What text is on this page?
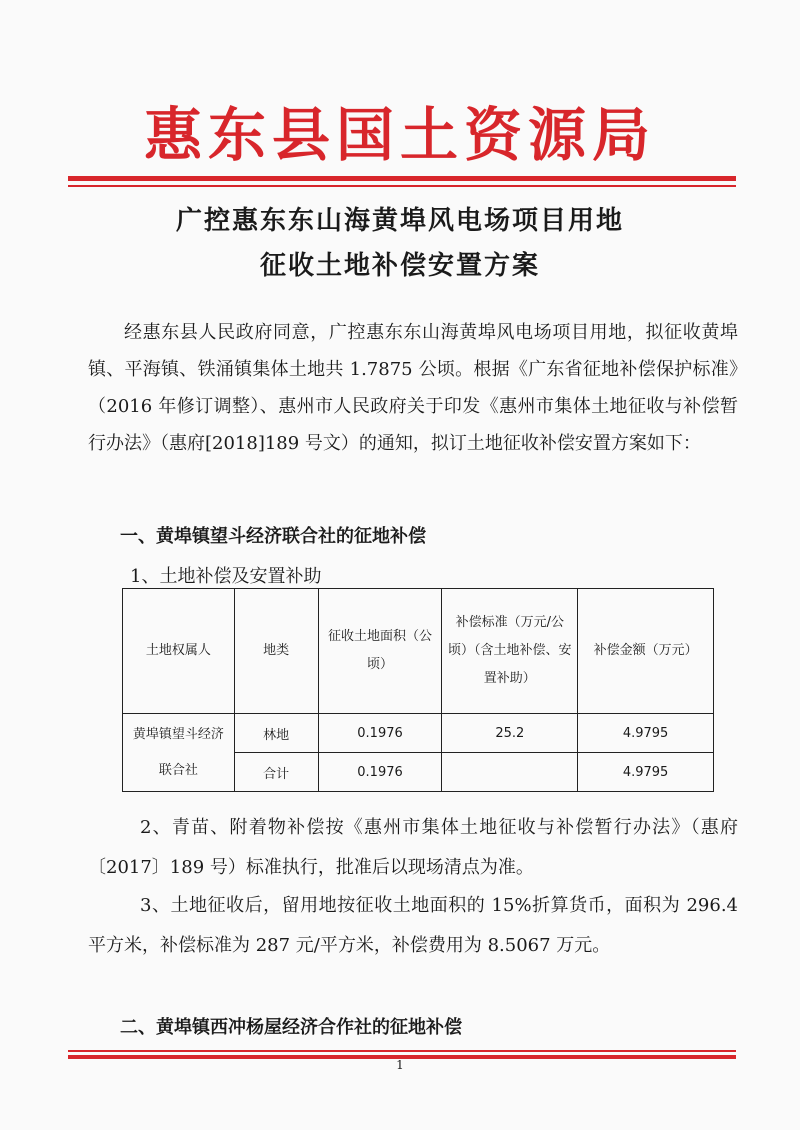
惠东县国土资源局
广控惠东东山海黄埠风电场项目用地
征收土地补偿安置方案
经惠东县人民政府同意，广控惠东东山海黄埠风电场项目用地，拟征收黄埠镇、平海镇、铁涌镇集体土地共 1.7875 公顷。根据《广东省征地补偿保护标准》（2016 年修订调整）、惠州市人民政府关于印发《惠州市集体土地征收与补偿暂行办法》（惠府[2018]189 号文）的通知，拟订土地征收补偿安置方案如下：
一、黄埠镇望斗经济联合社的征地补偿
1、土地补偿及安置补助
土地权属人	地类	征收土地面积（公顷）	补偿标准（万元/公顷）（含土地补偿、安置补助）	补偿金额（万元）
黄埠镇望斗经济联合社	林地	0.1976	25.2	4.9795
	合计	0.1976		4.9795
2、青苗、附着物补偿按《惠州市集体土地征收与补偿暂行办法》（惠府〔2017〕189 号）标准执行，批准后以现场清点为准。
3、土地征收后，留用地按征收土地面积的 15%折算货币，面积为 296.4 平方米，补偿标准为 287 元/平方米，补偿费用为 8.5067 万元。
二、黄埠镇西冲杨屋经济合作社的征地补偿
1
